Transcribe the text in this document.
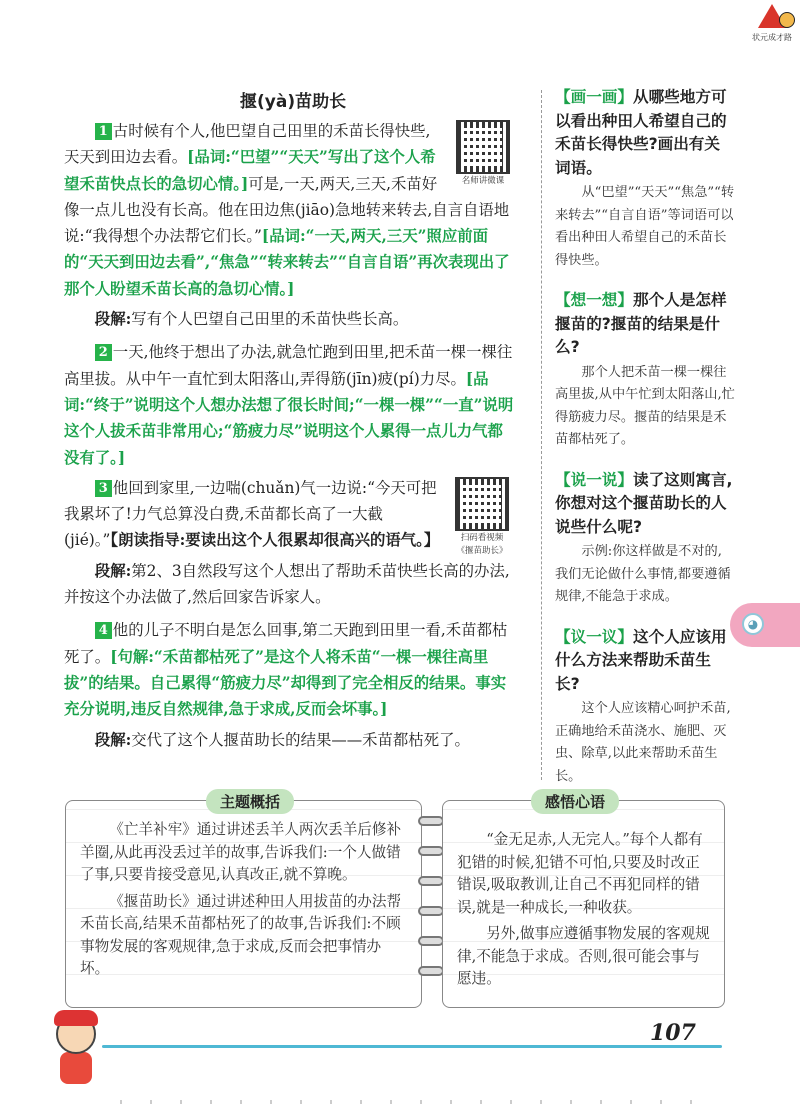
状元成才路
揠(yà)苗助长

名师讲微课
1 古时候有个人,他巴望自己田里的禾苗长得快些,天天到田边去看。[品词:“巴望”“天天”写出了这个人希望禾苗快点长的急切心情。]可是,一天,两天,三天,禾苗好像一点儿也没有长高。他在田边焦(jiāo)急地转来转去,自言自语地说:“我得想个办法帮它们长。”[品词:“一天,两天,三天”照应前面的“天天到田边去看”,“焦急”“转来转去”“自言自语”再次表现出了那个人盼望禾苗长高的急切心情。]

段解:写有个人巴望自己田里的禾苗快些长高。

2 一天,他终于想出了办法,就急忙跑到田里,把禾苗一棵一棵往高里拔。从中午一直忙到太阳落山,弄得筋(jīn)疲(pí)力尽。[品词:“终于”说明这个人想办法想了很长时间;“一棵一棵”“一直”说明这个人拔禾苗非常用心;“筋疲力尽”说明这个人累得一点儿力气都没有了。]

扫码看视频
《揠苗助长》
3 他回到家里,一边喘(chuǎn)气一边说:“今天可把我累坏了!力气总算没白费,禾苗都长高了一大截(jié)。”【朗读指导:要读出这个人很累却很高兴的语气。】

段解:第2、3自然段写这个人想出了帮助禾苗快些长高的办法,并按这个办法做了,然后回家告诉家人。

4 他的儿子不明白是怎么回事,第二天跑到田里一看,禾苗都枯死了。[句解:“禾苗都枯死了”是这个人将禾苗“一棵一棵往高里拔”的结果。自己累得“筋疲力尽”却得到了完全相反的结果。事实充分说明,违反自然规律,急于求成,反而会坏事。]

段解:交代了这个人揠苗助长的结果——禾苗都枯死了。

【画一画】从哪些地方可以看出种田人希望自己的禾苗长得快些?画出有关词语。
从“巴望”“天天”“焦急”“转来转去”“自言自语”等词语可以看出种田人希望自己的禾苗长得快些。
【想一想】那个人是怎样揠苗的?揠苗的结果是什么?
那个人把禾苗一棵一棵往高里拔,从中午忙到太阳落山,忙得筋疲力尽。揠苗的结果是禾苗都枯死了。
【说一说】读了这则寓言,你想对这个揠苗助长的人说些什么呢?
示例:你这样做是不对的,我们无论做什么事情,都要遵循规律,不能急于求成。
【议一议】这个人应该用什么方法来帮助禾苗生长?
这个人应该精心呵护禾苗,正确地给禾苗浇水、施肥、灭虫、除草,以此来帮助禾苗生长。
◕
主题概括

《亡羊补牢》通过讲述丢羊人两次丢羊后修补羊圈,从此再没丢过羊的故事,告诉我们:一个人做错了事,只要肯接受意见,认真改正,就不算晚。

《揠苗助长》通过讲述种田人用拔苗的办法帮禾苗长高,结果禾苗都枯死了的故事,告诉我们:不顾事物发展的客观规律,急于求成,反而会把事情办坏。

感悟心语

“金无足赤,人无完人。”每个人都有犯错的时候,犯错不可怕,只要及时改正错误,吸取教训,让自己不再犯同样的错误,就是一种成长,一种收获。

另外,做事应遵循事物发展的客观规律,不能急于求成。否则,很可能会事与愿违。

107
